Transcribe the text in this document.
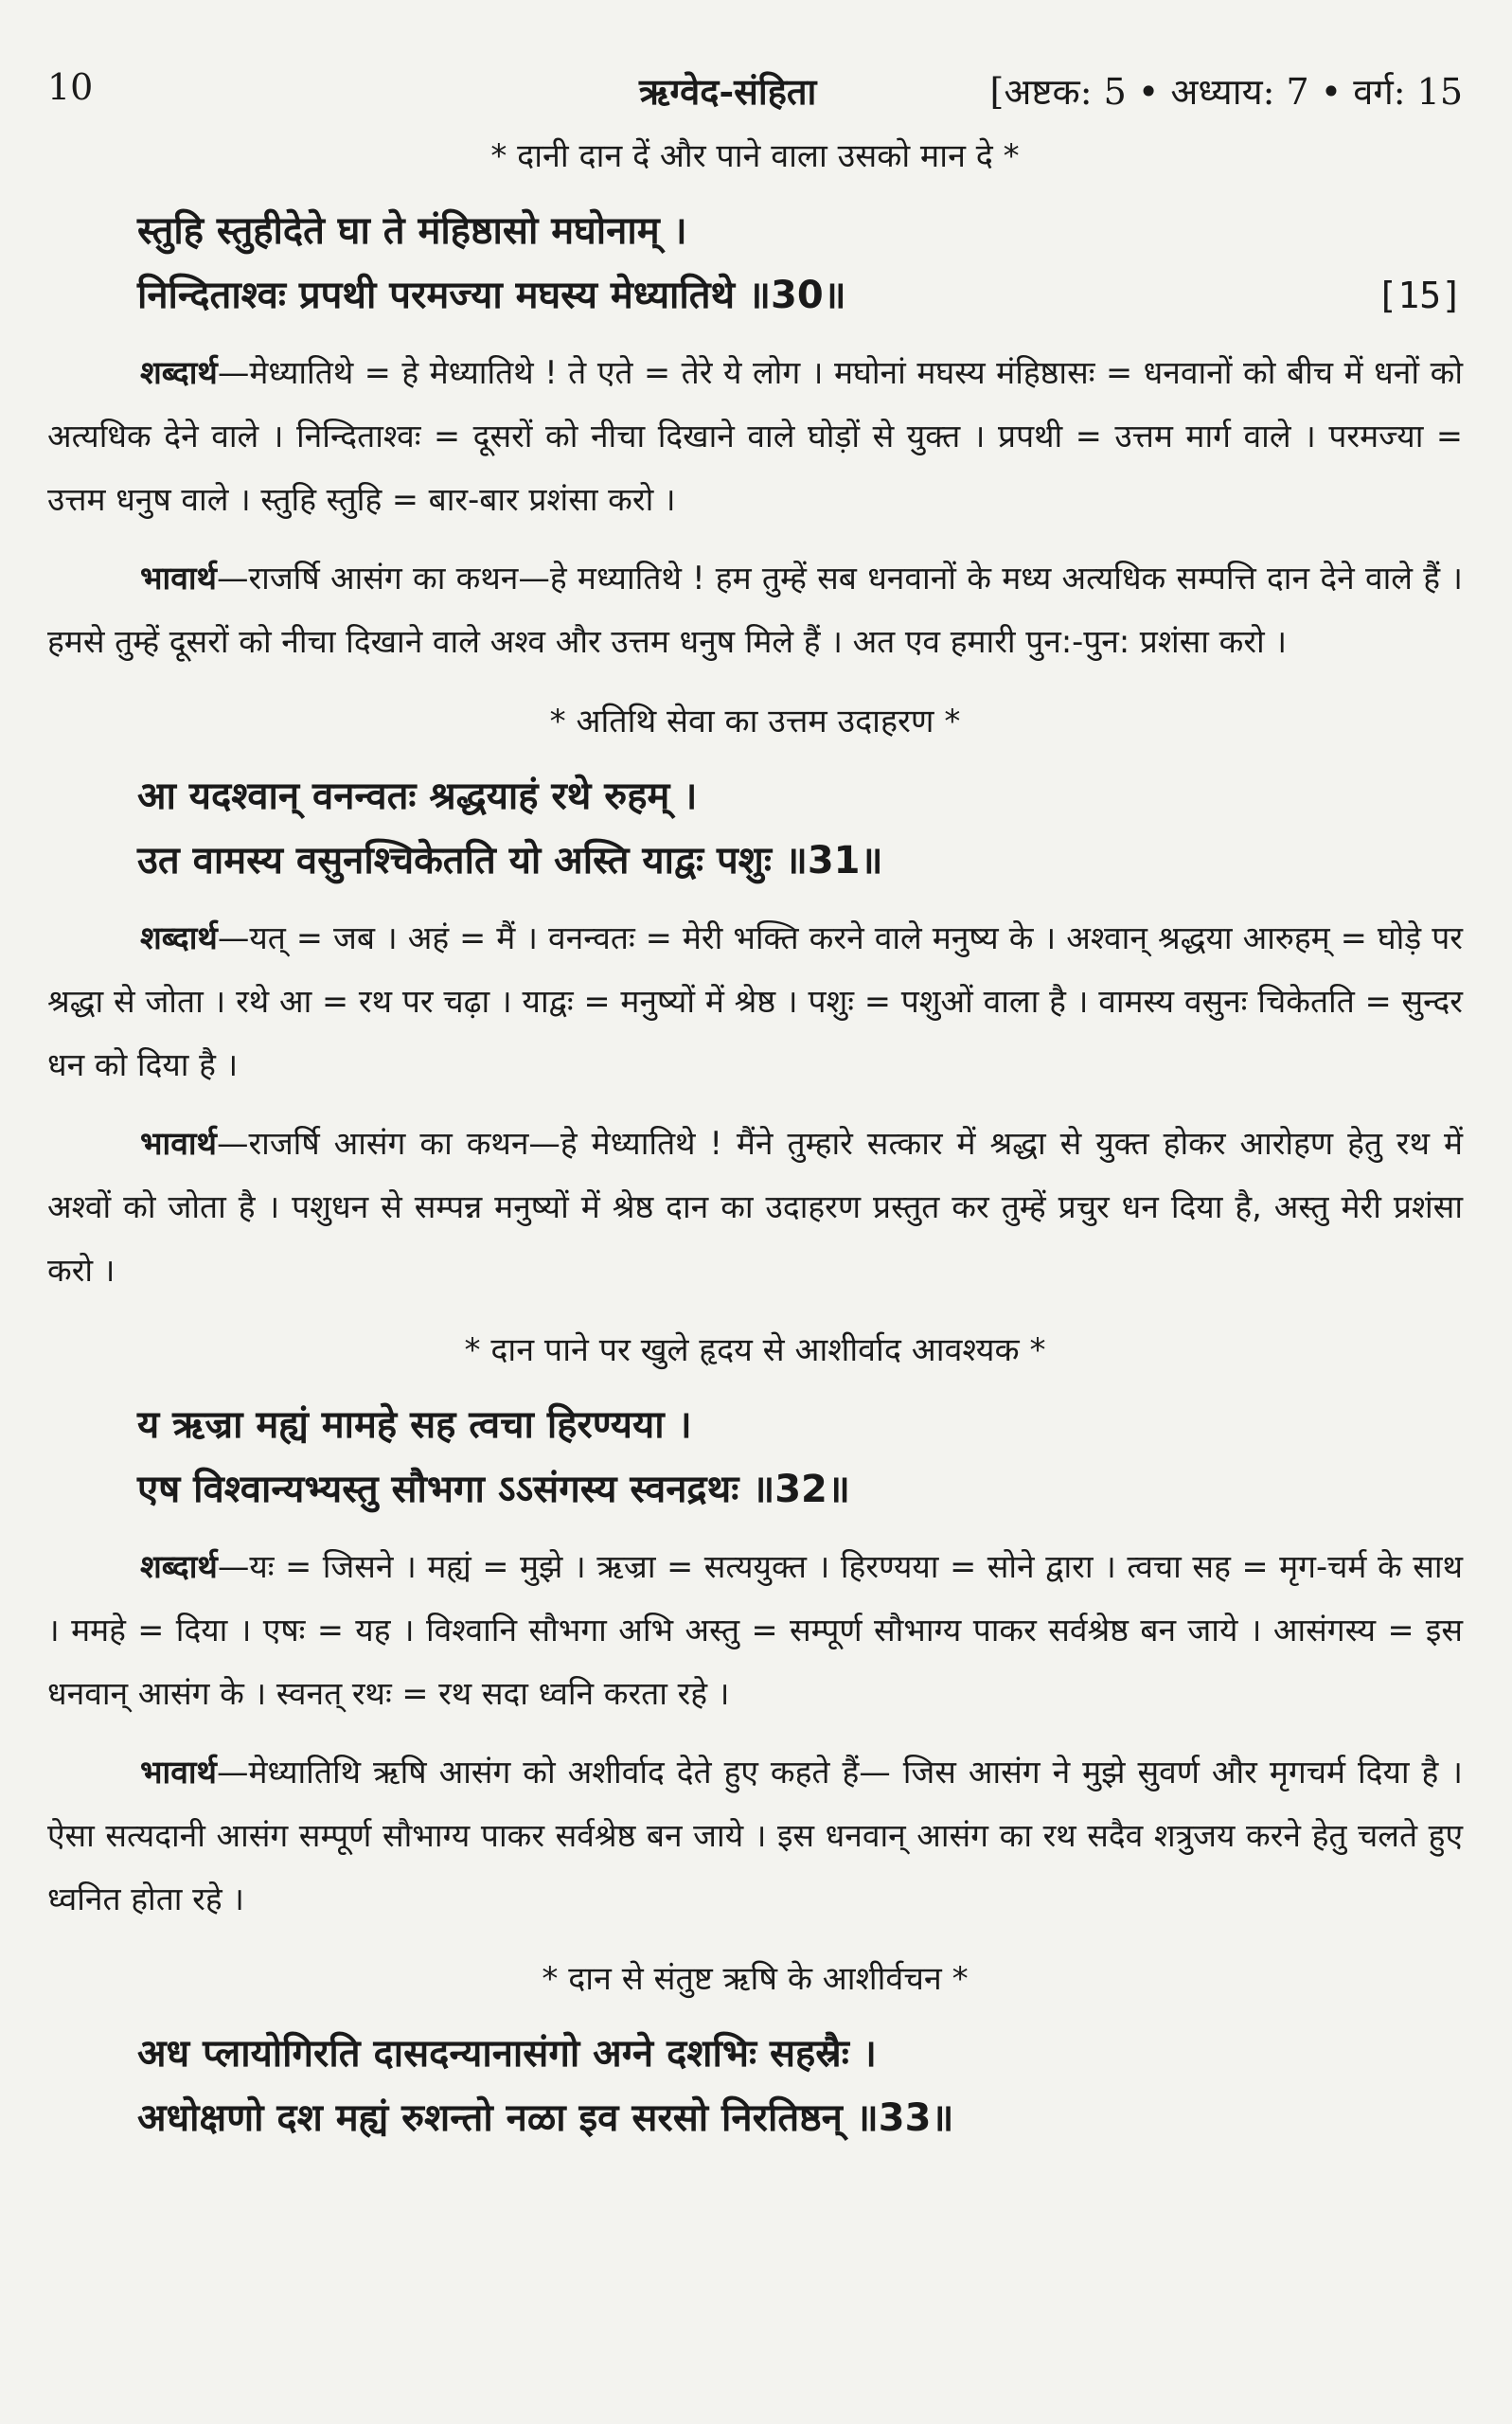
10	ऋग्वेद-संहिता	[अष्टक: 5 • अध्याय: 7 • वर्ग: 15
* दानी दान दें और पाने वाला उसको मान दे *
स्तुहि स्तुहीदेते घा ते मंहिष्ठासो मघोनाम् ।
निन्दिताश्वः प्रपथी परमज्या मघस्य मेध्यातिथे ॥30॥	[15]

शब्दार्थ—मेध्यातिथे = हे मेध्यातिथे ! ते एते = तेरे ये लोग । मघोनां मघस्य मंहिष्ठासः = धनवानों को बीच में धनों को अत्यधिक देने वाले । निन्दिताश्वः = दूसरों को नीचा दिखाने वाले घोड़ों से युक्त । प्रपथी = उत्तम मार्ग वाले । परमज्या = उत्तम धनुष वाले । स्तुहि स्तुहि = बार-बार प्रशंसा करो ।

भावार्थ—राजर्षि आसंग का कथन—हे मध्यातिथे ! हम तुम्हें सब धनवानों के मध्य अत्यधिक सम्पत्ति दान देने वाले हैं । हमसे तुम्हें दूसरों को नीचा दिखाने वाले अश्व और उत्तम धनुष मिले हैं । अत एव हमारी पुन:-पुन: प्रशंसा करो ।

* अतिथि सेवा का उत्तम उदाहरण *
आ यदश्वान् वनन्वतः श्रद्धयाहं रथे रुहम् ।
उत वामस्य वसुनश्चिकेतति यो अस्ति याद्वः पशुः ॥31॥

शब्दार्थ—यत् = जब । अहं = मैं । वनन्वतः = मेरी भक्ति करने वाले मनुष्य के । अश्वान् श्रद्धया आरुहम् = घोड़े पर श्रद्धा से जोता । रथे आ = रथ पर चढ़ा । याद्वः = मनुष्यों में श्रेष्ठ । पशुः = पशुओं वाला है । वामस्य वसुनः चिकेतति = सुन्दर धन को दिया है ।

भावार्थ—राजर्षि आसंग का कथन—हे मेध्यातिथे ! मैंने तुम्हारे सत्कार में श्रद्धा से युक्त होकर आरोहण हेतु रथ में अश्वों को जोता है । पशुधन से सम्पन्न मनुष्यों में श्रेष्ठ दान का उदाहरण प्रस्तुत कर तुम्हें प्रचुर धन दिया है, अस्तु मेरी प्रशंसा करो ।

* दान पाने पर खुले हृदय से आशीर्वाद आवश्यक *
य ऋज्रा मह्यं मामहे सह त्वचा हिरण्यया ।
एष विश्वान्यभ्यस्तु सौभगा ऽऽसंगस्य स्वनद्रथः ॥32॥

शब्दार्थ—यः = जिसने । मह्यं = मुझे । ऋज्रा = सत्ययुक्त । हिरण्यया = सोने द्वारा । त्वचा सह = मृग-चर्म के साथ । ममहे = दिया । एषः = यह । विश्वानि सौभगा अभि अस्तु = सम्पूर्ण सौभाग्य पाकर सर्वश्रेष्ठ बन जाये । आसंगस्य = इस धनवान् आसंग के । स्वनत् रथः = रथ सदा ध्वनि करता रहे ।

भावार्थ—मेध्यातिथि ऋषि आसंग को अशीर्वाद देते हुए कहते हैं— जिस आसंग ने मुझे सुवर्ण और मृगचर्म दिया है । ऐसा सत्यदानी आसंग सम्पूर्ण सौभाग्य पाकर सर्वश्रेष्ठ बन जाये । इस धनवान् आसंग का रथ सदैव शत्रुजय करने हेतु चलते हुए ध्वनित होता रहे ।

* दान से संतुष्ट ऋषि के आशीर्वचन *
अध प्लायोगिरति दासदन्यानासंगो अग्ने दशभिः सहस्रैः ।
अधोक्षणो दश मह्यं रुशन्तो नळा इव सरसो निरतिष्ठन् ॥33॥
